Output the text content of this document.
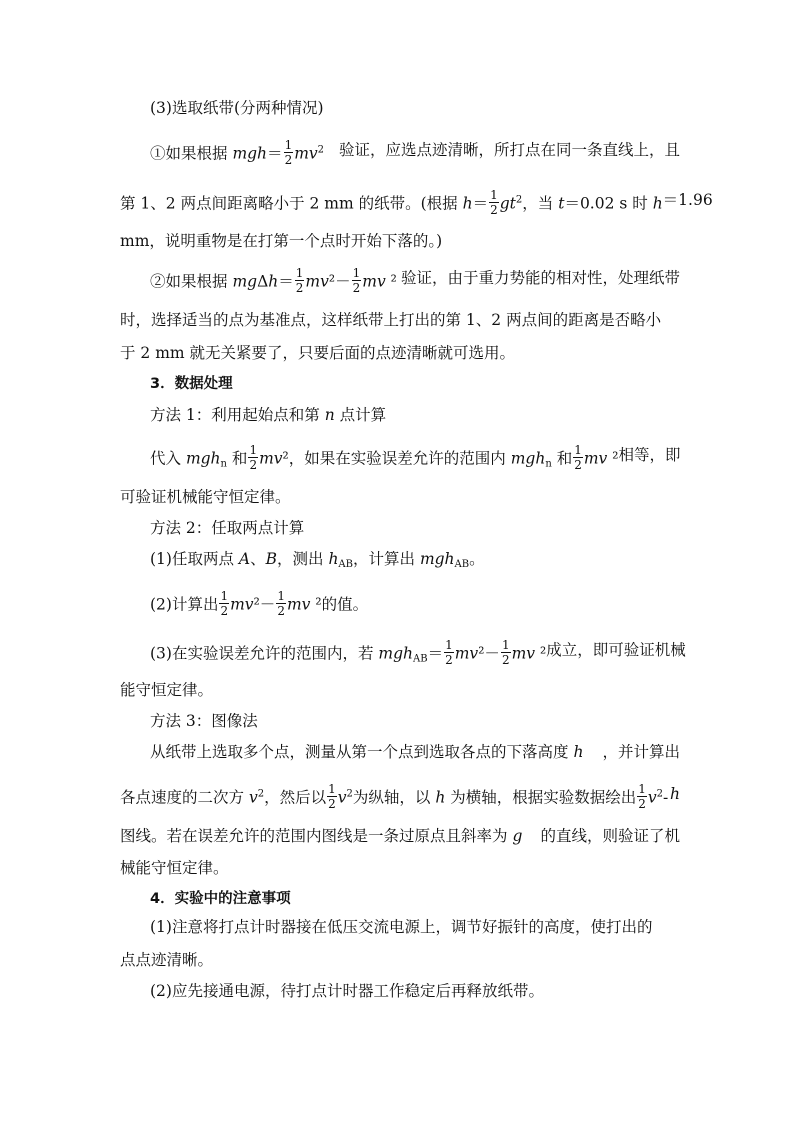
(3)选取纸带(分两种情况)
①如果根据 $mgh= \frac{1}{2} mv^2$ 验证，应选点迹清晰，所打点在同一条直线上，且
第 1、2 两点间距离略小于 2 mm 的纸带。(根据 $h= \frac{1}{2} gt^2$，当 t＝0.02 s 时 h ＝1.96
mm，说明重物是在打第一个点时开始下落的。)
②如果根据 $mg\Delta h= \frac{1}{2} mv^2- \frac{1}{2}$ mv ² 验证，由于重力势能的相对性，处理纸带
时，选择适当的点为基准点，这样纸带上打出的第 1、2 两点间的距离是否略小
于 2 mm 就无关紧要了，只要后面的点迹清晰就可选用。
3．数据处理
方法 1：利用起始点和第 n 点计算
代入 mgh$_n$ 和 $\frac{1}{2} mv^2$，如果在实验误差允许的范围内 mgh$_n$ 和 $\frac{1}{2}$ mv ² 相等，即
可验证机械能守恒定律。
方法 2：任取两点计算
(1)任取两点 A、B，测出 $h_{AB}$，计算出 mgh$_{AB}$。
(2)计算出 $\frac{1}{2} mv^2- \frac{1}{2}$ mv ²的值。
(3)在实验误差允许的范围内，若 $mgh_{AB}= \frac{1}{2} mv^2- \frac{1}{2}$ mv ² 成立，即可验证机械
能守恒定律。
方法 3：图像法
从纸带上选取多个点，测量从第一个点到选取各点的下落高度 h ，并计算出
各点速度的二次方 $v^2$，然后以 $\frac{1}{2} v^2$为纵轴，以 h 为横轴，根据实验数据绘出 $\frac{1}{2} v^2-$ h
图线。若在误差允许的范围内图线是一条过原点且斜率为 g 的直线，则验证了机
械能守恒定律。
4．实验中的注意事项
(1)注意将打点计时器接在低压交流电源上，调节好振针的高度，使打出的
点点迹清晰。
(2)应先接通电源，待打点计时器工作稳定后再释放纸带。
